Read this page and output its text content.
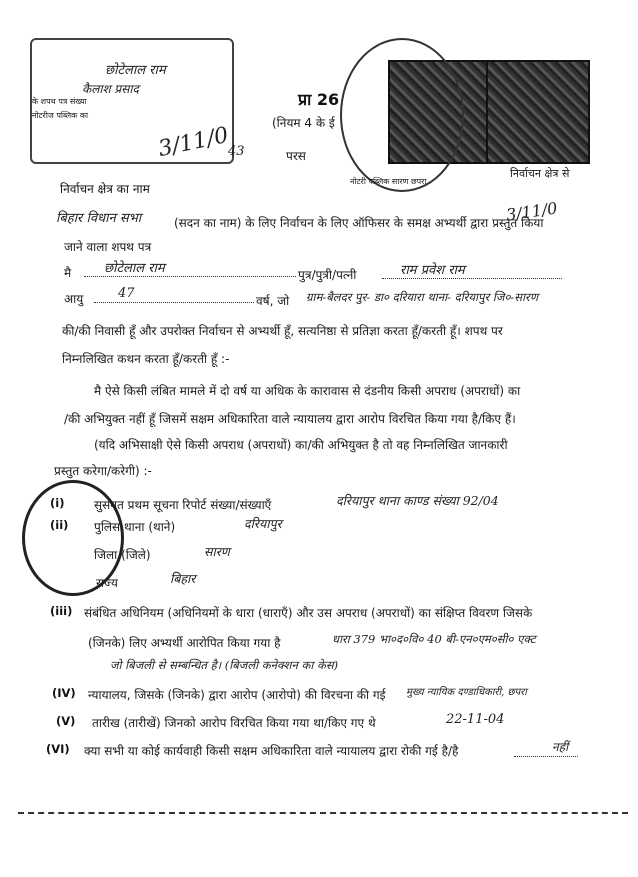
छोटेलाल राम
कैलाश प्रसाद
के शपथ पत्र संख्या
नोटरीज पब्लिक का
3/11/0
43
प्रा 26
(नियम 4 के ई
परस
नोटरी पब्लिक सारण छपरा
निर्वाचन क्षेत्र से
निर्वाचन क्षेत्र का नाम
3/11/0
बिहार विधान सभा	(सदन का नाम) के लिए निर्वाचन के लिए ऑफिसर के समक्ष अभ्यर्थी द्वारा प्रस्तुत किया
जाने वाला शपथ पत्र
मै	छोटेलाल राम	पुत्र/पुत्री/पत्नी	राम प्रवेश राम
आयु	47	वर्ष, जो ग्राम-बैलदर पुर- डा० दरियारा थाना- दरियापुर जि०-सारण
की/की निवासी हूँ और उपरोक्त निर्वाचन से अभ्यर्थी हूँ, सत्यनिष्ठा से प्रतिज्ञा करता हूँ/करती हूँ। शपथ पर
निम्नलिखित कथन करता हूँ/करती हूँ :-
मै ऐसे किसी लंबित मामले में दो वर्ष या अधिक के कारावास से दंडनीय किसी अपराध (अपराधों) का
/की अभियुक्त नहीं हूँ जिसमें सक्षम अधिकारिता वाले न्यायालय द्वारा आरोप विरचित किया गया है/किए हैं।
(यदि अभिसाक्षी ऐसे किसी अपराध (अपराधों) का/की अभियुक्त है तो वह निम्नलिखित जानकारी
प्रस्तुत करेगा/करेगी) :-
(i) सुसंगत प्रथम सूचना रिपोर्ट संख्या/संख्याएँ	दरियापुर थाना काण्ड संख्या 92/04
(ii) पुलिस थाना (थाने)	दरियापुर
जिला (जिले)	सारण
राज्य	बिहार
(iii) संबंधित अधिनियम (अधिनियमों के धारा (धाराएँ) और उस अपराध (अपराधों) का संक्षिप्त विवरण जिसके
(जिनके) लिए अभ्यर्थी आरोपित किया गया है	धारा 379 भा०द०वि० 40 बी-एन०एम०सी० एक्ट
जो बिजली से सम्बन्धित है। (बिजली कनेक्शन का केस)
(IV) न्यायालय, जिसके (जिनके) द्वारा आरोप (आरोपो) की विरचना की गई मुख्य न्यायिक दण्डाधिकारी, छपरा
(V) तारीख (तारीखें) जिनको आरोप विरचित किया गया था/किए गए थे	22-11-04
(VI) क्या सभी या कोई कार्यवाही किसी सक्षम अधिकारिता वाले न्यायालय द्वारा रोकी गई है/है	नहीं
